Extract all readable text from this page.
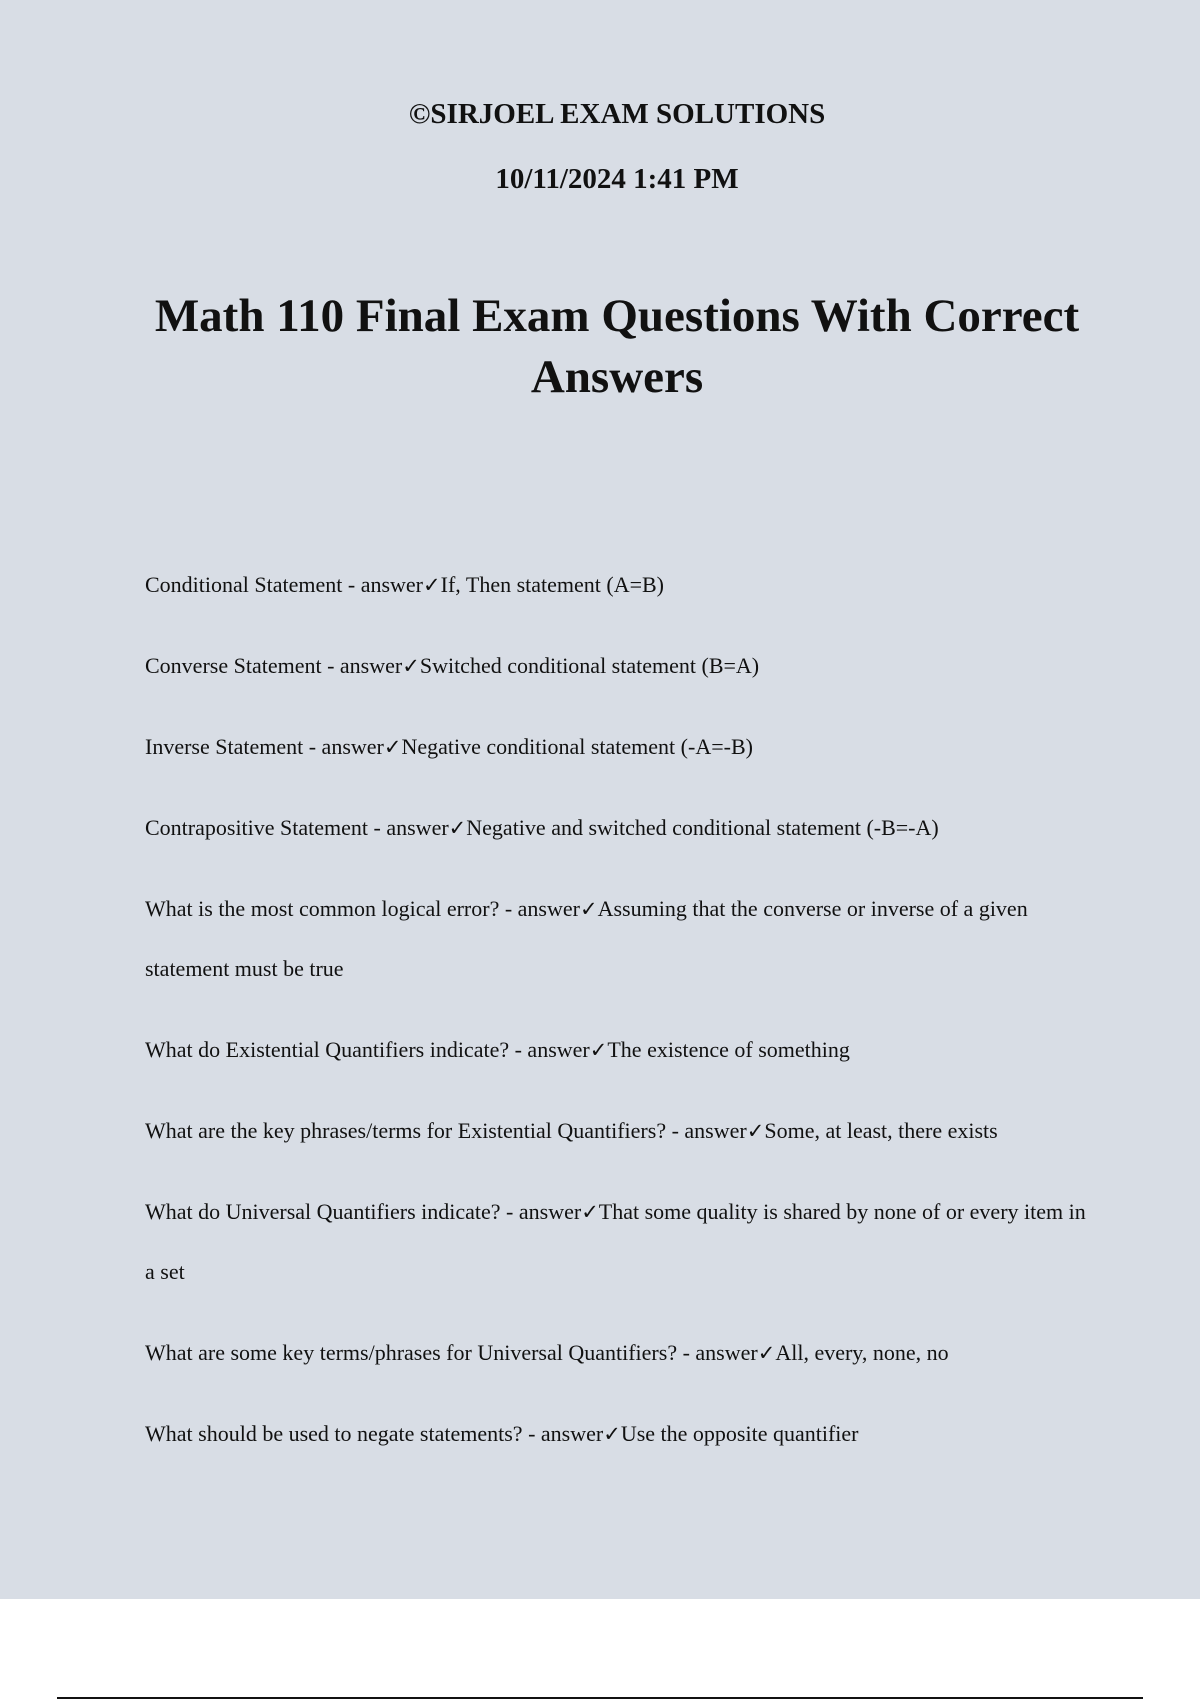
©SIRJOEL EXAM SOLUTIONS

10/11/2024 1:41 PM

Math 110 Final Exam Questions With Correct Answers
Conditional Statement - answer✓If, Then statement (A=B)
Converse Statement - answer✓Switched conditional statement (B=A)
Inverse Statement - answer✓Negative conditional statement (-A=-B)
Contrapositive Statement - answer✓Negative and switched conditional statement (-B=-A)
What is the most common logical error? - answer✓Assuming that the converse or inverse of a given statement must be true
What do Existential Quantifiers indicate? - answer✓The existence of something
What are the key phrases/terms for Existential Quantifiers? - answer✓Some, at least, there exists
What do Universal Quantifiers indicate? - answer✓That some quality is shared by none of or every item in a set
What are some key terms/phrases for Universal Quantifiers? - answer✓All, every, none, no
What should be used to negate statements? - answer✓Use the opposite quantifier
